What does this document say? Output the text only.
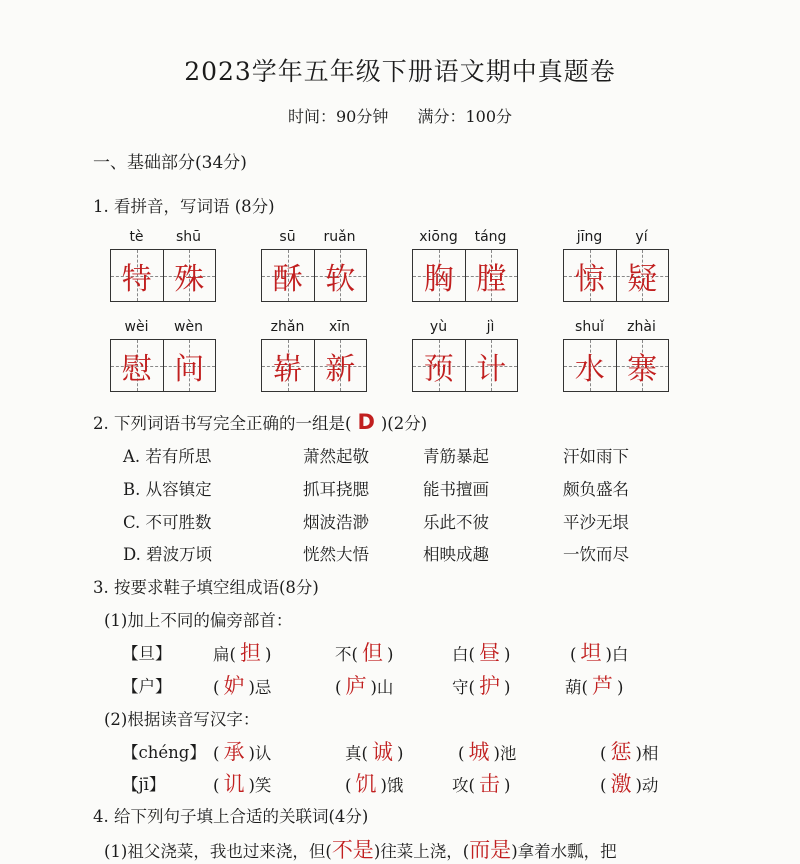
2023学年五年级下册语文期中真题卷
时间：90分钟 满分：100分
一、基础部分(34分)
1. 看拼音，写词语 (8分)
tè	shū
特 殊
sū	ruǎn
酥 软
xiōng	táng
胸 膛
jīng	yí
惊 疑
wèi	wèn
慰 问
zhǎn	xīn
崭 新
yù	jì
预 计
shuǐ	zhài
水 寨
2. 下列词语书写完全正确的一组是( D )(2分)
A. 若有所思	萧然起敬	青筋暴起	汗如雨下
B. 从容镇定	抓耳挠腮	能书擅画	颇负盛名
C. 不可胜数	烟波浩渺	乐此不彼	平沙无垠
D. 碧波万顷	恍然大悟	相映成趣	一饮而尽
3. 按要求鞋子填空组成语(8分)
(1)加上不同的偏旁部首：
【旦】	扁( 担 )	不( 但 )	白( 昼 )	( 坦 )白
【户】	( 妒 )忌	( 庐 )山	守( 护 )	葫( 芦 )
【chéng】 ( 承 )认	真( 诚 )	( 城 )池	( 惩 )相
【jī】	( 讥 )笑	( 饥 )饿	攻( 击 )	( 激 )动
(2)根据读音写汉字：
4. 给下列句子填上合适的关联词(4分)
(1)祖父浇菜，我也过来浇，但(不是)往菜上浇，(而是)拿着水瓢，把
